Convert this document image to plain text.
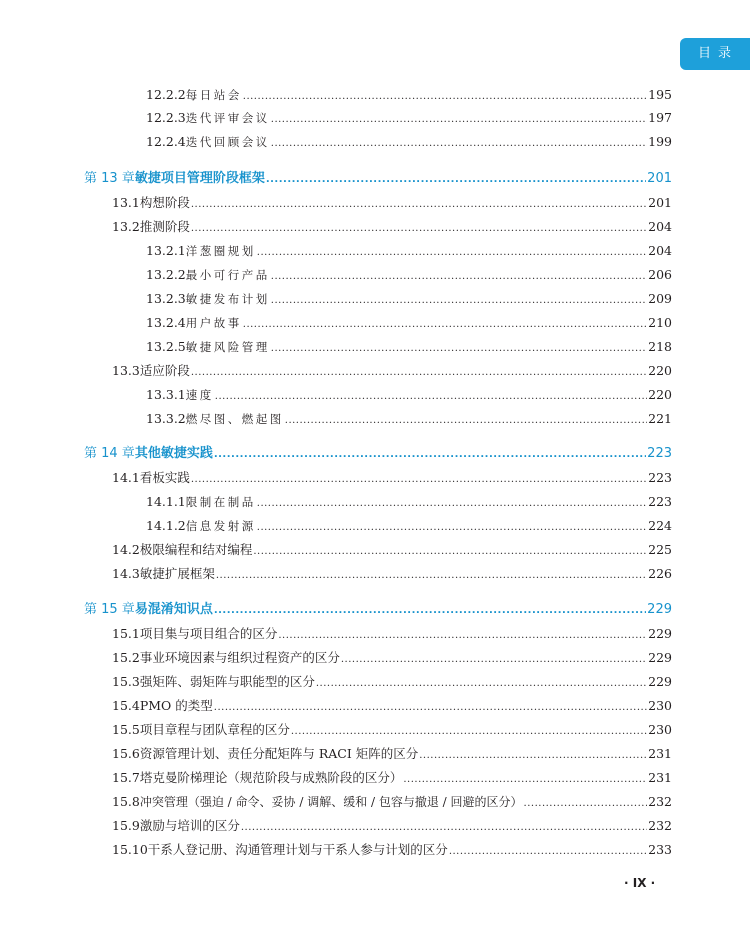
目录
12.2.2 每日站会 .....	195
12.2.3 迭代评审会议 .....	197
12.2.4 迭代回顾会议 .....	199
第 13 章 敏捷项目管理阶段框架 .....	201
13.1 构想阶段 .....	201
13.2 推测阶段 .....	204
13.2.1 洋葱圈规划 .....	204
13.2.2 最小可行产品 .....	206
13.2.3 敏捷发布计划 .....	209
13.2.4 用户故事 .....	210
13.2.5 敏捷风险管理 .....	218
13.3 适应阶段 .....	220
13.3.1 速度 .....	220
13.3.2 燃尽图、燃起图 .....	221
第 14 章 其他敏捷实践 .....	223
14.1 看板实践 .....	223
14.1.1 限制在制品 .....	223
14.1.2 信息发射源 .....	224
14.2 极限编程和结对编程 .....	225
14.3 敏捷扩展框架 .....	226
第 15 章 易混淆知识点 .....	229
15.1 项目集与项目组合的区分 .....	229
15.2 事业环境因素与组织过程资产的区分 .....	229
15.3 强矩阵、弱矩阵与职能型的区分 .....	229
15.4 PMO 的类型 .....	230
15.5 项目章程与团队章程的区分 .....	230
15.6 资源管理计划、责任分配矩阵与 RACI 矩阵的区分 .....	231
15.7 塔克曼阶梯理论（规范阶段与成熟阶段的区分） .....	231
15.8 冲突管理（强迫 / 命令、妥协 / 调解、缓和 / 包容与撤退 / 回避的区分） .....	232
15.9 激励与培训的区分 .....	232
15.10 干系人登记册、沟通管理计划与干系人参与计划的区分 .....	233
· IX ·
